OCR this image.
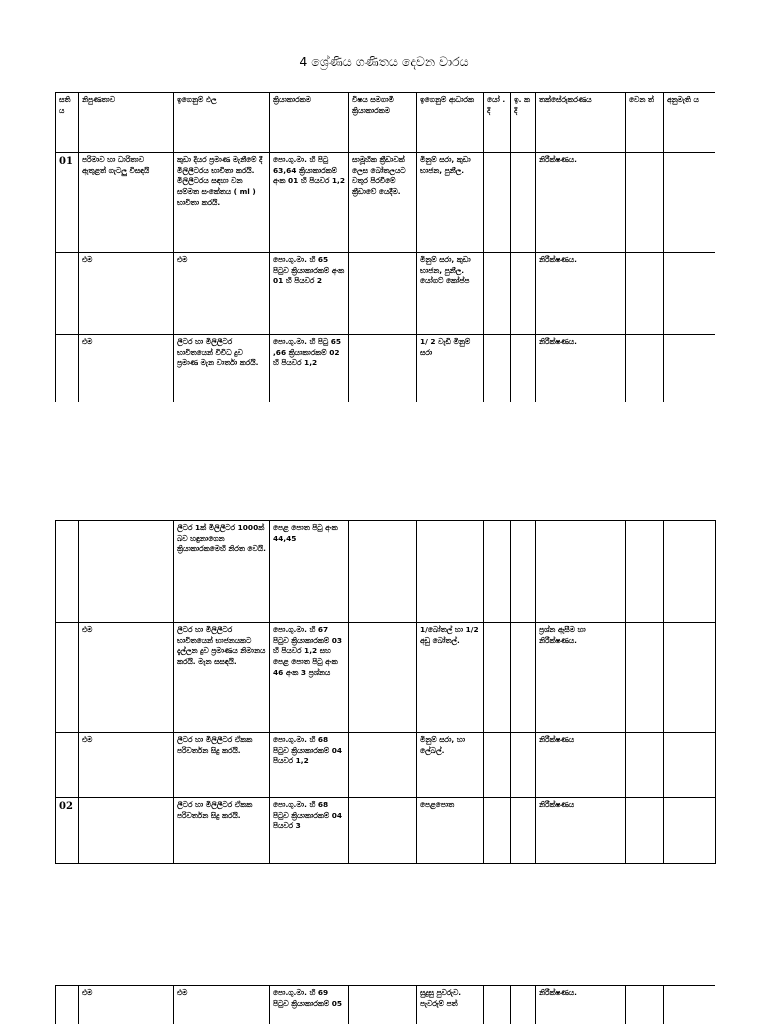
4 ශ්‍රේණිය ගණිතය දෙවන වාරය
සතිය	නිපුණතාව	ඉගෙනුම් ඵල	ක්‍රියාකාරකම	විෂය සමගාමී ක්‍රියාකාරකම	ඉගෙනුම් ආධාරක	යෝ . දි	ඉ. ක දි	තක්සේරුකරණය	වෙන ත්	අනුමැති ය
01	පරිමාව හා ධාරිතාව ඇතුළත් ගැටලු විසඳයි	කුඩා දියර ප්‍රමාණ මැනීමේ දී මිලිලීටරය භාවිතා කරයි. මිලිලීටරය සඳහා වන සම්මත සංකේතය ( ml ) භාවිතා කරයි.	පො.ගු.මා. හි පිටු 63,64 ක්‍රියාකාරකම් අංක 01 හි පියවර 1,2	සාමූහික ක්‍රීඩාවක් ලෙස බෝතලයට වතුර පිරවීමේ ක්‍රීඩාවේ යෙදීම.	මිනුම් සරා, කුඩා භාජන, පුනීල.			නිරීක්ෂණය.		
	එම	එම	පො.ගු.මා. හි 65 පිටුව ක්‍රියාකාරකම් අංක 01 හි පියවර 2		මිනුම් සරා, කුඩා භාජන, පුනීල. යෝගට් කෝප්ප			නිරීක්ෂණය.		
	එම	ලීටර හා මිලිලීටර භාවිතයෙන් විවිධ දුව ප්‍රමාණ මැන වාර්තා කරයි.	පො.ගු.මා. හි පිටු 65 ,66 ක්‍රියාකාරකම් 02 හි පියවර 1,2		1/ 2 වැඩි මිනුම් සරා			නිරීක්ෂණය.		
		ලීටර 1ක් මිලිලීටර 1000ක් බව හඳුනාගෙන ක්‍රියාකාරකමෙහි නිරත වෙයි.	පෙළ පොත පිටු අංක 44,45							
	එම	ලීටර හා මිලිලීටර භාවිතයෙන් භාජනයකට දැල්ලන දුව ප්‍රමාණය නිමානය කරයි. මැන සසඳයි.	පො.ගු.මා. හි 67 පිටුව ක්‍රියාකාරකම් 03 හි පියවර 1,2 සහ පෙළ පොත පිටු අංක 46 අංක 3 ප්‍රශ්නය		1/බෝතල් හා 1/2 අඩු බෝතල්.			ප්‍රශ්න ඇසීම හා නිරීක්ෂණය.		
	එම	ලීටර හා මිලිලීටර ඒකක පරිවර්තන සිදු කරයි.	පො.ගු.මා. හි 68 පිටුව ක්‍රියාකාරකම් 04 පියවර 1,2		මිනුම් සරා, හා ලේබල්.			නිරීක්ෂණය		
02		ලීටර හා මිලිලීටර ඒකක පරිවර්තන සිදු කරයි.	පො.ගු.මා. හි 68 පිටුව ක්‍රියාකාරකම් 04 පියවර 3		පෙළපොත			නිරීක්ෂණය		
	එම	එම	පො.ගු.මා. හි 69 පිටුව ක්‍රියාකාරකම් 05		සුදුසු පුවරුව. පැවරුම් පත්			නිරීක්ෂණය.		
